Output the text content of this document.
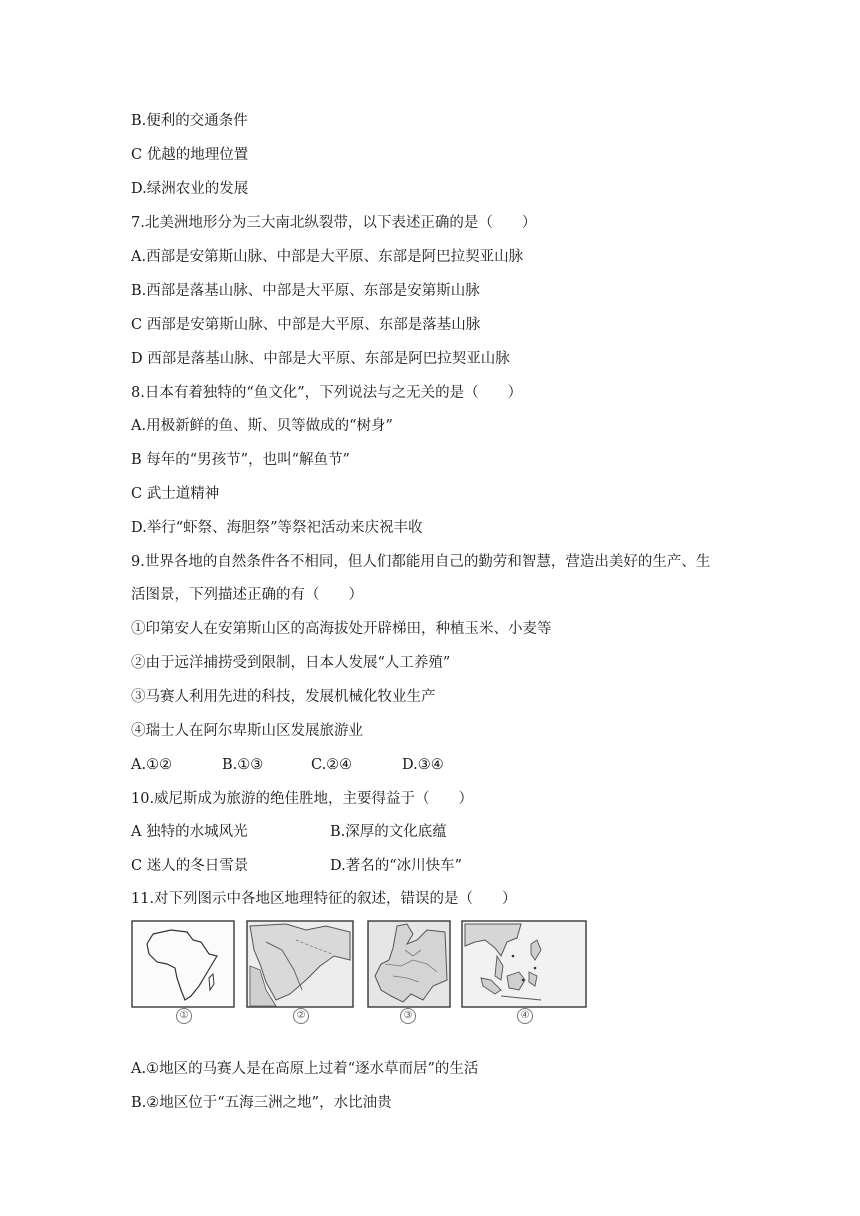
B.便利的交通条件
C 优越的地理位置
D.绿洲农业的发展
7.北美洲地形分为三大南北纵裂带，以下表述正确的是（　　）
A.西部是安第斯山脉、中部是大平原、东部是阿巴拉契亚山脉
B.西部是落基山脉、中部是大平原、东部是安第斯山脉
C 西部是安第斯山脉、中部是大平原、东部是落基山脉
D 西部是落基山脉、中部是大平原、东部是阿巴拉契亚山脉
8.日本有着独特的“鱼文化”，下列说法与之无关的是（　　）
A.用极新鲜的鱼、斯、贝等做成的“树身”
B 每年的“男孩节”，也叫“解鱼节”
C 武士道精神
D.举行“虾祭、海胆祭”等祭祀活动来庆祝丰收
9.世界各地的自然条件各不相同，但人们都能用自己的勤劳和智慧，营造出美好的生产、生
活图景，下列描述正确的有（　　）
①印第安人在安第斯山区的高海拔处开辟梯田，种植玉米、小麦等
②由于远洋捕捞受到限制，日本人发展“人工养殖”
③马赛人利用先进的科技，发展机械化牧业生产
④瑞士人在阿尔卑斯山区发展旅游业
A.①②	B.①③	C.②④	D.③④
10.威尼斯成为旅游的绝佳胜地，主要得益于（　　）
A 独特的水城风光	B.深厚的文化底蕴
C 迷人的冬日雪景	D.著名的“冰川快车”
11.对下列图示中各地区地理特征的叙述，错误的是（　　）
①	②	③	④
A.①地区的马赛人是在高原上过着“逐水草而居”的生活
B.②地区位于“五海三洲之地”，水比油贵
